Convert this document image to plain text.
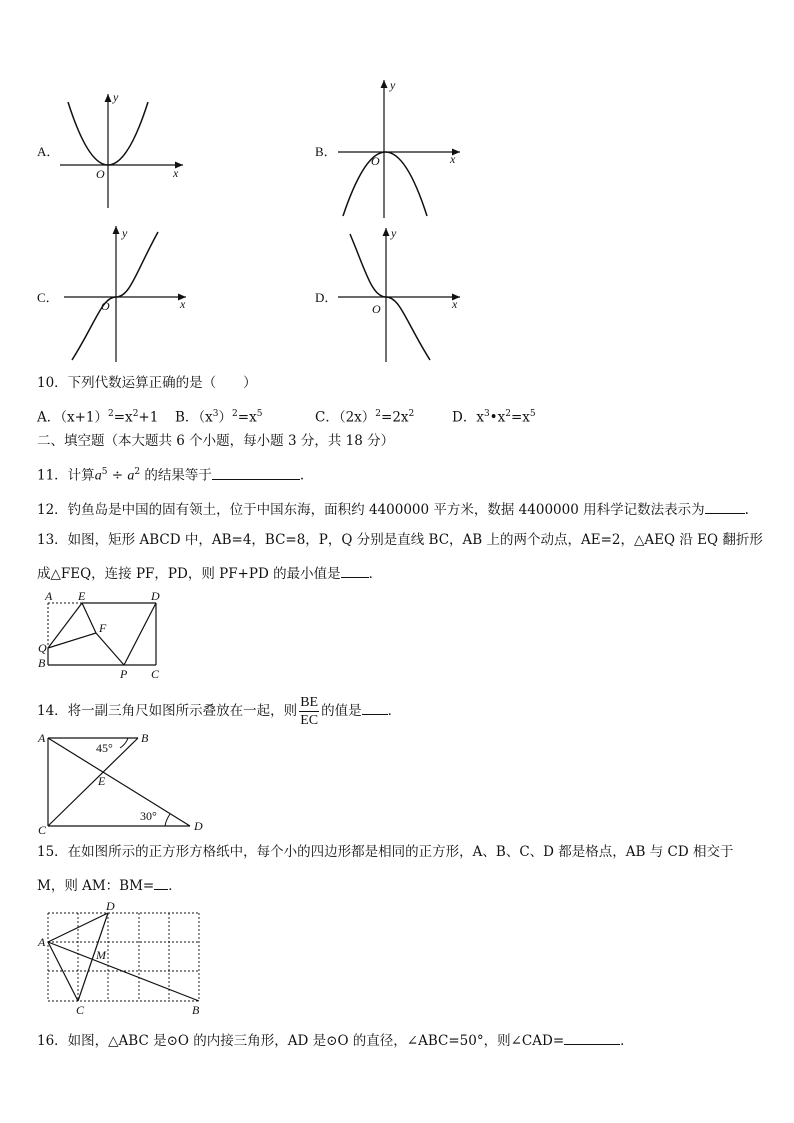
A．
y
x
O
B．
y
x
O
C．
y
x
O
D．
y
x
O
10．下列代数运算正确的是（　　）
A．$(x+1)^2=x^2+1$ B．$(x^3)^2=x^5$	C．$(2x)^2=2x^2$	D．$x^3•x^2=x^5$
二、填空题（本大题共 6 个小题，每小题 3 分，共 18 分）
11．计算$a^5 \div a^2$ 的结果等于	.
12．钓鱼岛是中国的固有领土，位于中国东海，面积约 4400000 平方米，数据 4400000 用科学记数法表示为	.
13．如图，矩形 ABCD 中，AB=4，BC=8，P，Q 分别是直线 BC，AB 上的两个动点，AE=2，△AEQ 沿 EQ 翻折形
成△FEQ，连接 PF，PD，则 PF+PD 的最小值是 ．
A E	D
F
Q
B
P C
14．将一副三角尺如图所示叠放在一起，则 $\frac{BE}{EC}$ 的值是 ．
A	B
45°
E
30°
C	D
15．在如图所示的正方形方格纸中，每个小的四边形都是相同的正方形，A、B、C、D 都是格点，AB 与 CD 相交于
M，则 AM：BM= ．
A
D
M
C	B
16．如图，△ABC 是⊙O 的内接三角形，AD 是⊙O 的直径，∠ABC=50°，则∠CAD=	．
